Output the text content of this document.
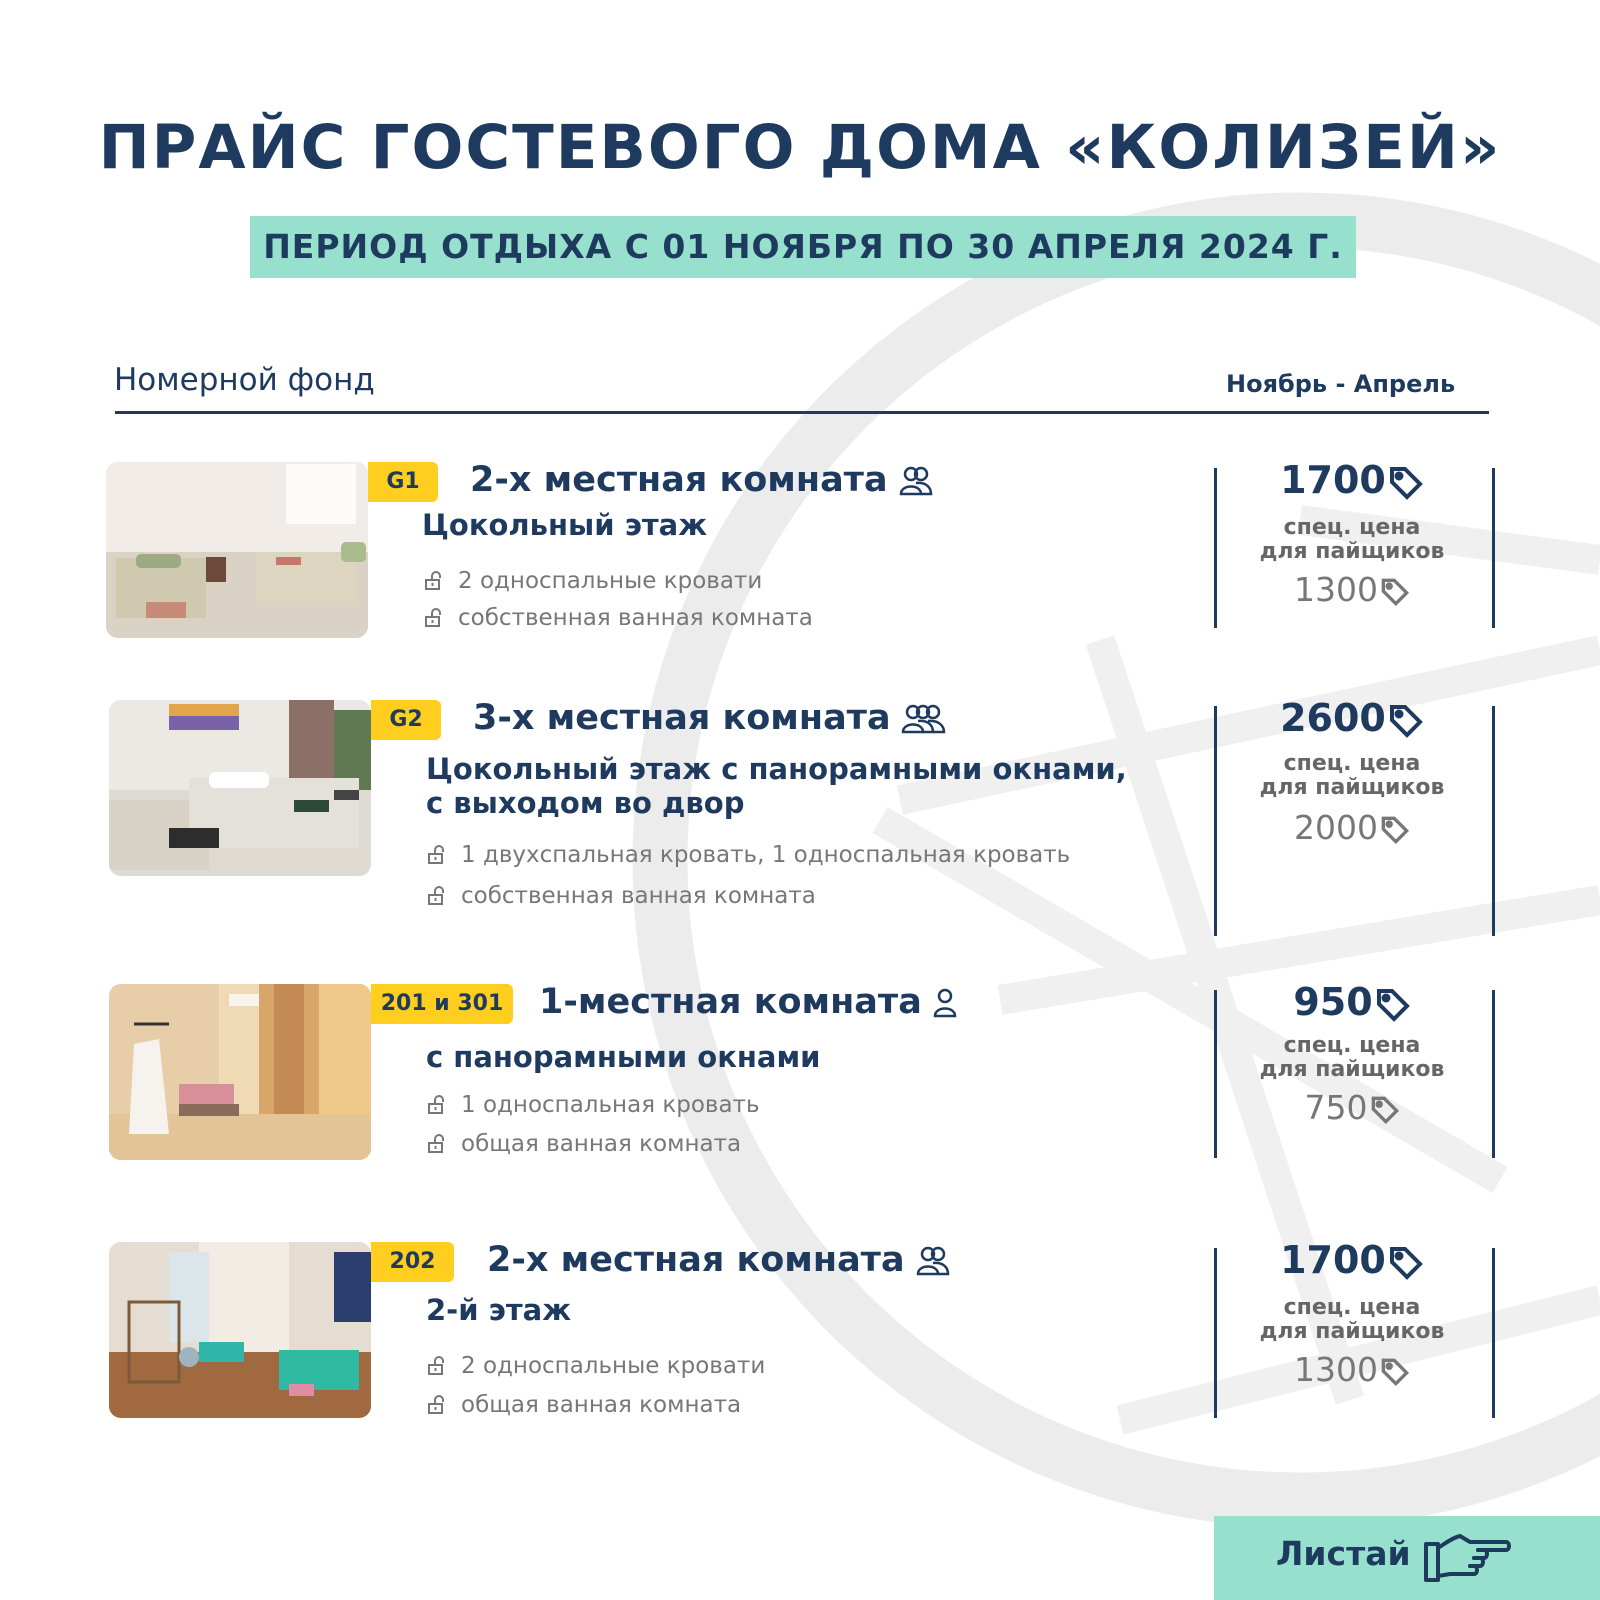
ПРАЙС ГОСТЕВОГО ДОМА «КОЛИЗЕЙ»
ПЕРИОД ОТДЫХА С 01 НОЯБРЯ ПО 30 АПРЕЛЯ 2024 Г.
Номерной фонд	Ноябрь - Апрель
G1	2-х местная комната
Цокольный этаж
2 односпальные кровати
собственная ванная комната
1700
спец. цена
для пайщиков
1300
G2	3-х местная комната
Цокольный этаж с панорамными окнами,
с выходом во двор
1 двухспальная кровать, 1 односпальная кровать
собственная ванная комната
2600
спец. цена
для пайщиков
2000
201 и 301 1-местная комната
с панорамными окнами
1 односпальная кровать
общая ванная комната
950
спец. цена
для пайщиков
750
202	2-х местная комната
2-й этаж
2 односпальные кровати
общая ванная комната
1700
спец. цена
для пайщиков
1300
Листай
